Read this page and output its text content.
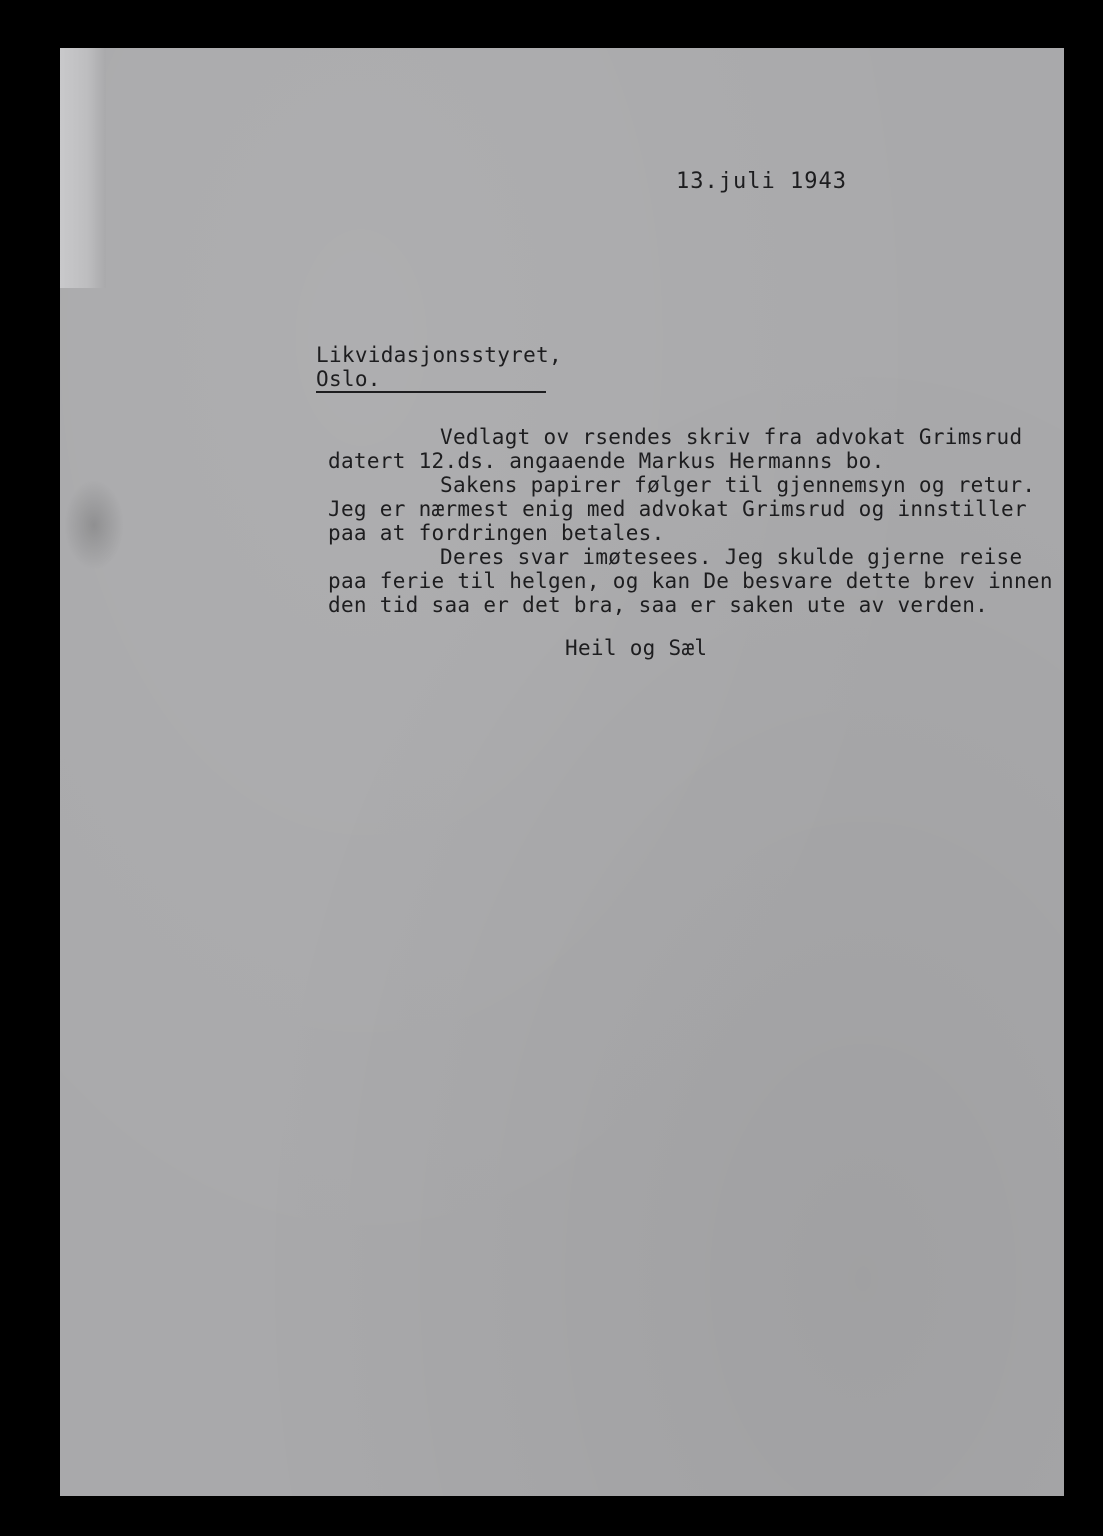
13.juli 1943
Likvidasjonsstyret,
Oslo.
Vedlagt ov rsendes skriv fra advokat Grimsrud
datert 12.ds. angaaende Markus Hermanns bo.
Sakens papirer følger til gjennemsyn og retur.
Jeg er nærmest enig med advokat Grimsrud og innstiller
paa at fordringen betales.
Deres svar imøtesees. Jeg skulde gjerne reise
paa ferie til helgen, og kan De besvare dette brev innen
den tid saa er det bra, saa er saken ute av verden.
Heil og Sæl
